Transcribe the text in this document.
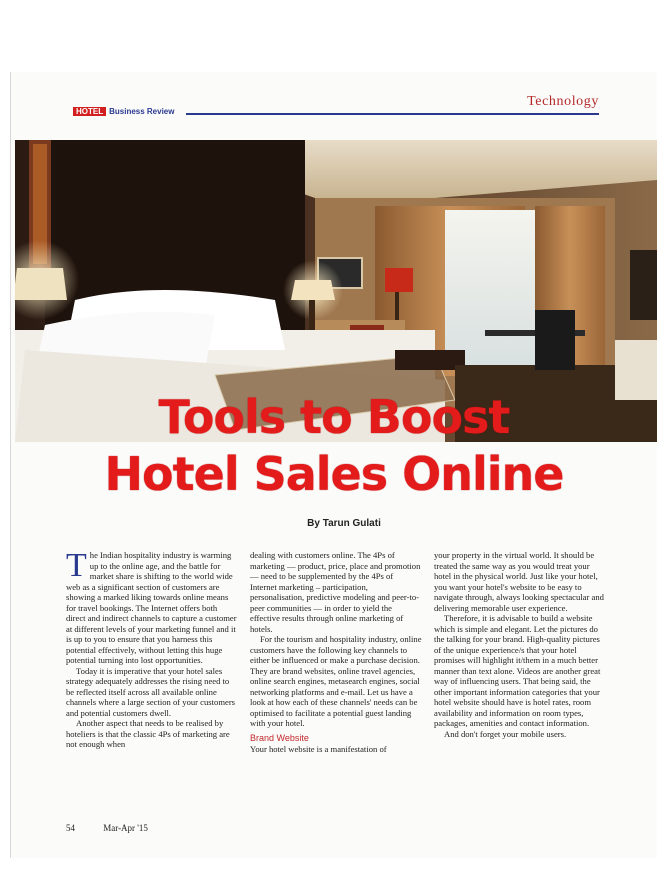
HOTEL Business Review
Technology
Tools to Boost
Hotel Sales Online
By Tarun Gulati

The Indian hospitality industry is warming up to the online age, and the battle for market share is shifting to the world wide web as a significant section of customers are showing a marked liking towards online means for travel bookings. The Internet offers both direct and indirect channels to capture a customer at different levels of your marketing funnel and it is up to you to ensure that you harness this potential effectively, without letting this huge potential turning into lost opportunities.

Today it is imperative that your hotel sales strategy adequately addresses the rising need to be reflected itself across all available online channels where a large section of your customers and potential customers dwell.

Another aspect that needs to be realised by hoteliers is that the classic 4Ps of marketing are not enough when

dealing with customers online. The 4Ps of marketing — product, price, place and promotion — need to be supplemented by the 4Ps of Internet marketing – participation, personalisation, predictive modeling and peer-to-peer communities — in order to yield the effective results through online marketing of hotels.

For the tourism and hospitality industry, online customers have the following key channels to either be influenced or make a purchase decision. They are brand websites, online travel agencies, online search engines, metasearch engines, social networking platforms and e-mail. Let us have a look at how each of these channels' needs can be optimised to facilitate a potential guest landing with your hotel.

Brand Website

Your hotel website is a manifestation of

your property in the virtual world. It should be treated the same way as you would treat your hotel in the physical world. Just like your hotel, you want your hotel's website to be easy to navigate through, always looking spectacular and delivering memorable user experience.

Therefore, it is advisable to build a website which is simple and elegant. Let the pictures do the talking for your brand. High-quality pictures of the unique experience/s that your hotel promises will highlight it/them in a much better manner than text alone. Videos are another great way of influencing users. That being said, the other important information categories that your hotel website should have is hotel rates, room availability and information on room types, packages, amenities and contact information.

And don't forget your mobile users.

54	Mar-Apr '15
